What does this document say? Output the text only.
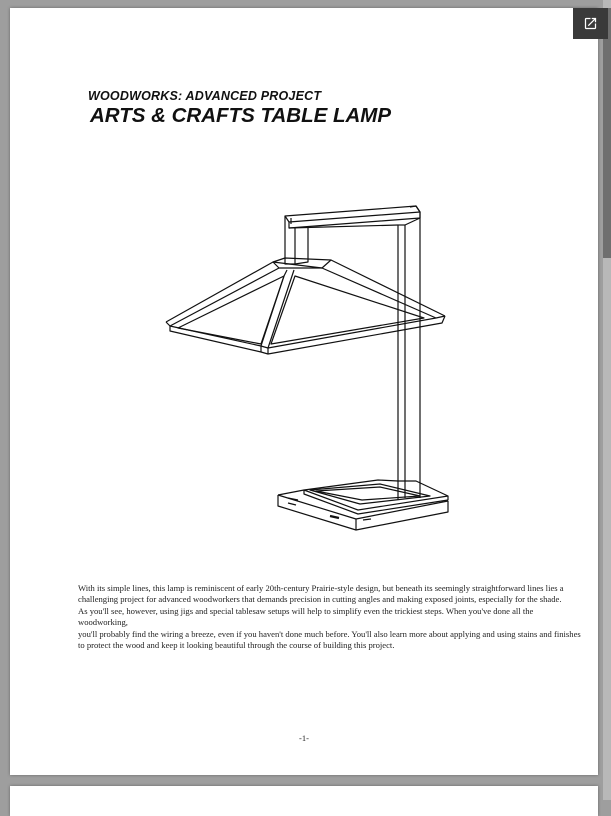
WOODWORKS: ADVANCED PROJECT
ARTS & CRAFTS TABLE LAMP
With its simple lines, this lamp is reminiscent of early 20th-century Prairie-style design, but beneath its seemingly straightforward lines lies a
challenging project for advanced woodworkers that demands precision in cutting angles and making exposed joints, especially for the shade.
As you'll see, however, using jigs and special tablesaw setups will help to simplify even the trickiest steps. When you've done all the woodworking,
you'll probably find the wiring a breeze, even if you haven't done much before. You'll also learn more about applying and using stains and finishes
to protect the wood and keep it looking beautiful through the course of building this project.
-1-
